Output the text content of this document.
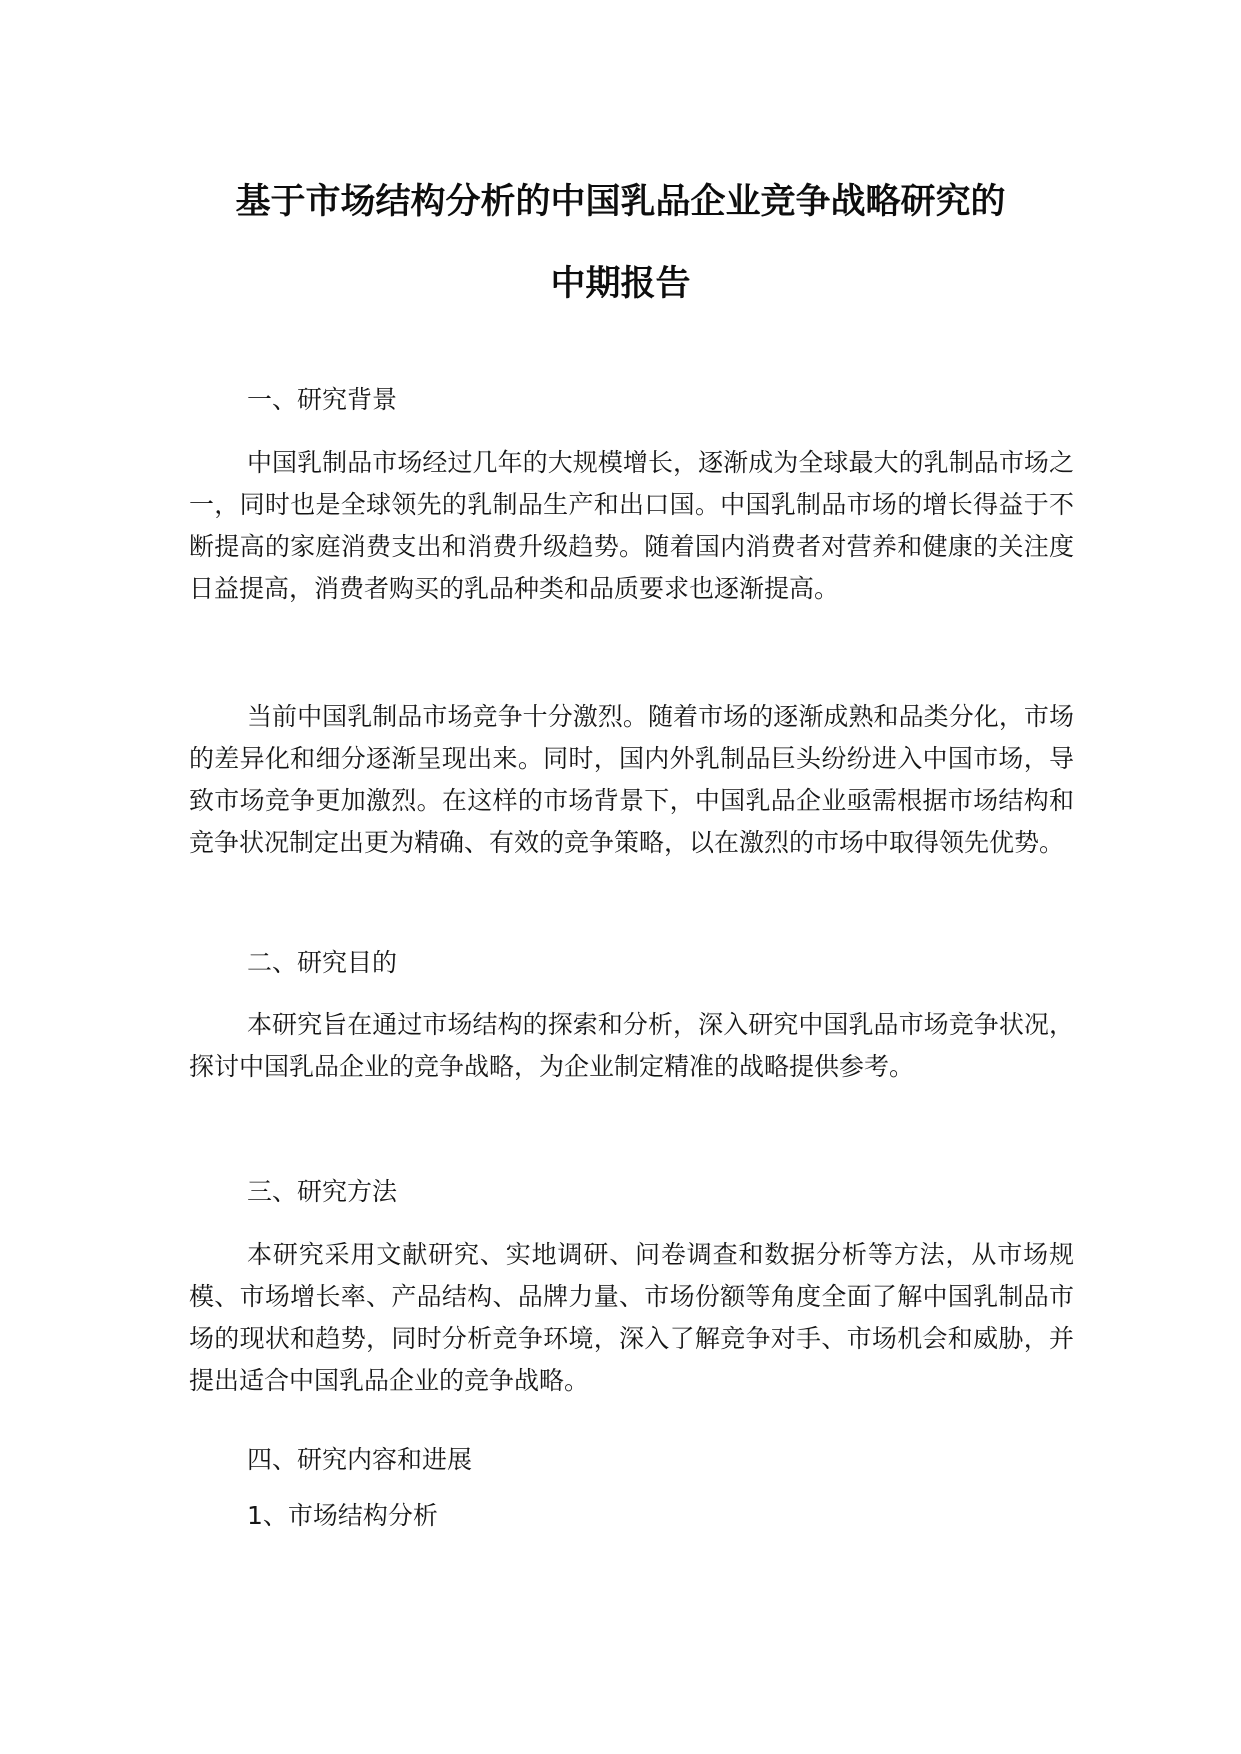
基于市场结构分析的中国乳品企业竞争战略研究的
中期报告
一、研究背景
中国乳制品市场经过几年的大规模增长，逐渐成为全球最大的乳制品市场之一，同时也是全球领先的乳制品生产和出口国。中国乳制品市场的增长得益于不断提高的家庭消费支出和消费升级趋势。随着国内消费者对营养和健康的关注度日益提高，消费者购买的乳品种类和品质要求也逐渐提高。
当前中国乳制品市场竞争十分激烈。随着市场的逐渐成熟和品类分化，市场的差异化和细分逐渐呈现出来。同时，国内外乳制品巨头纷纷进入中国市场，导致市场竞争更加激烈。在这样的市场背景下，中国乳品企业亟需根据市场结构和竞争状况制定出更为精确、有效的竞争策略，以在激烈的市场中取得领先优势。
二、研究目的
本研究旨在通过市场结构的探索和分析，深入研究中国乳品市场竞争状况，探讨中国乳品企业的竞争战略，为企业制定精准的战略提供参考。
三、研究方法
本研究采用文献研究、实地调研、问卷调查和数据分析等方法，从市场规模、市场增长率、产品结构、品牌力量、市场份额等角度全面了解中国乳制品市场的现状和趋势，同时分析竞争环境，深入了解竞争对手、市场机会和威胁，并提出适合中国乳品企业的竞争战略。
四、研究内容和进展
1、市场结构分析
